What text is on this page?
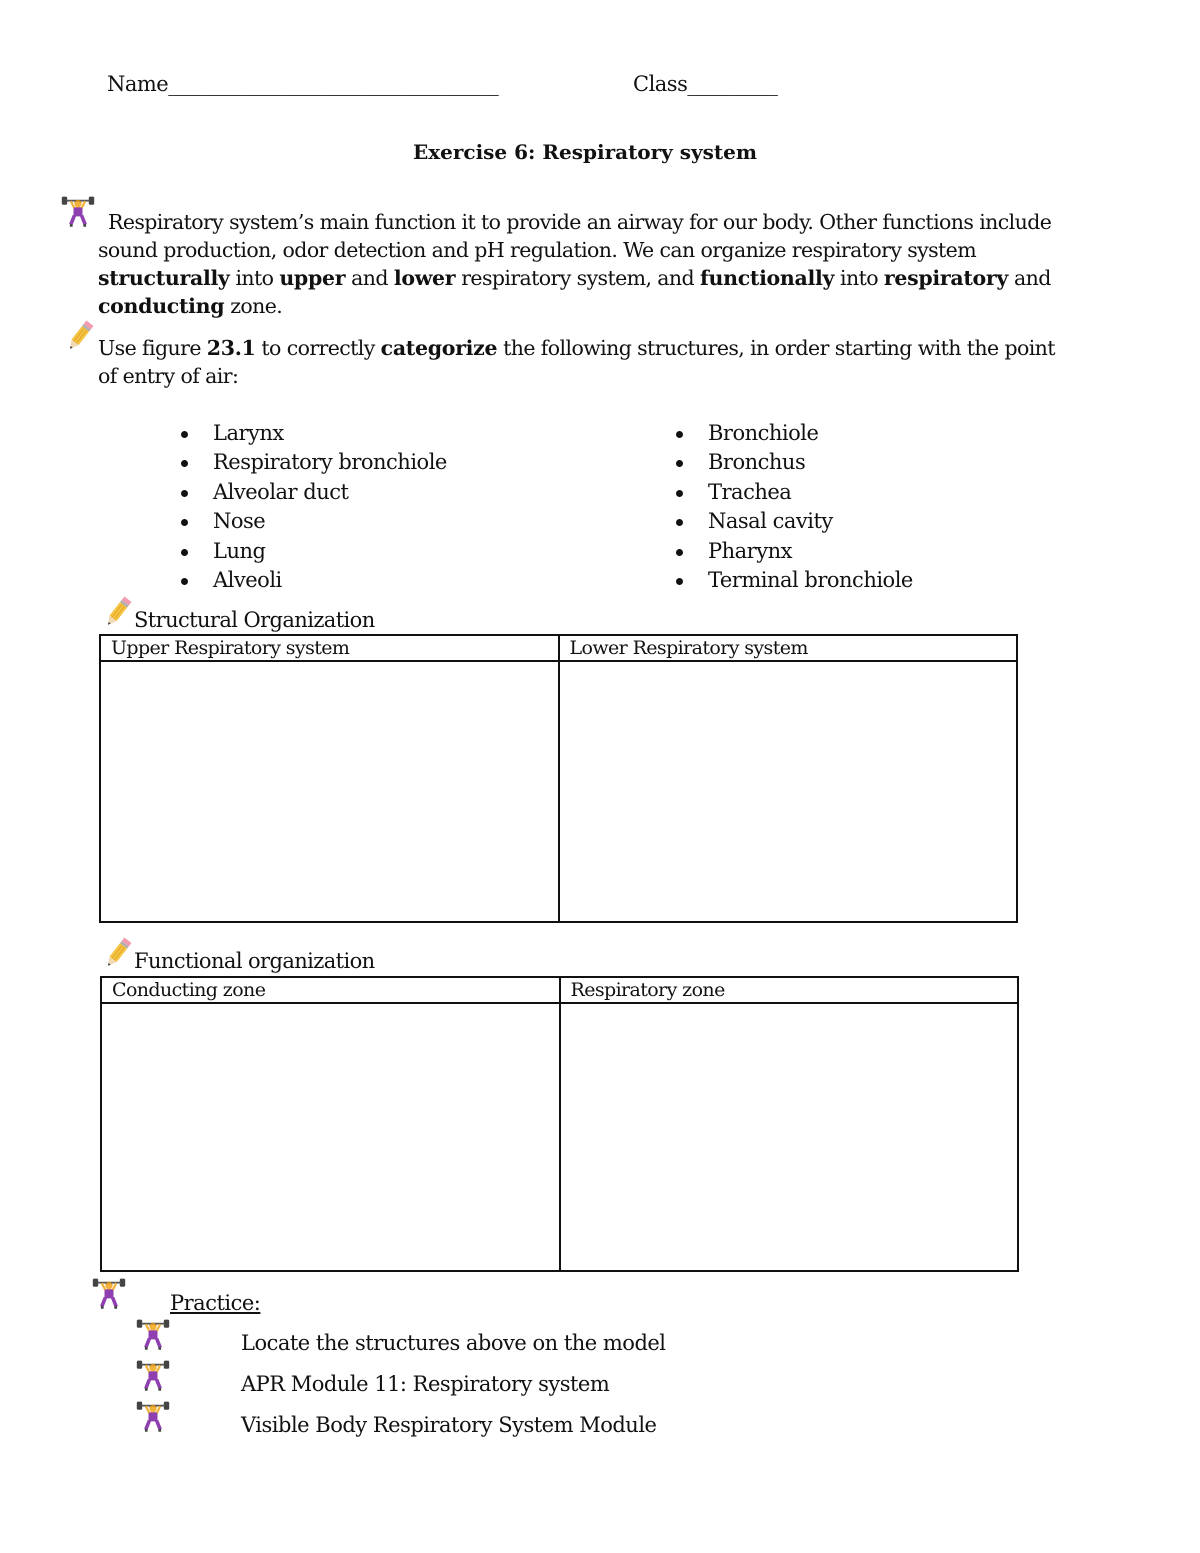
Name_________________________________	Class_________
Exercise 6: Respiratory system
Respiratory system’s main function it to provide an airway for our body. Other functions include sound production, odor detection and pH regulation. We can organize respiratory system structurally into upper and lower respiratory system, and functionally into respiratory and conducting zone.
Use figure 23.1 to correctly categorize the following structures, in order starting with the point of entry of air:
Larynx
Respiratory bronchiole
Alveolar duct
Nose
Lung
Alveoli
Bronchiole
Bronchus
Trachea
Nasal cavity
Pharynx
Terminal bronchiole
Structural Organization
Upper Respiratory system	Lower Respiratory system

Functional organization
Conducting zone	Respiratory zone

Practice:
Locate the structures above on the model
APR Module 11: Respiratory system
Visible Body Respiratory System Module
